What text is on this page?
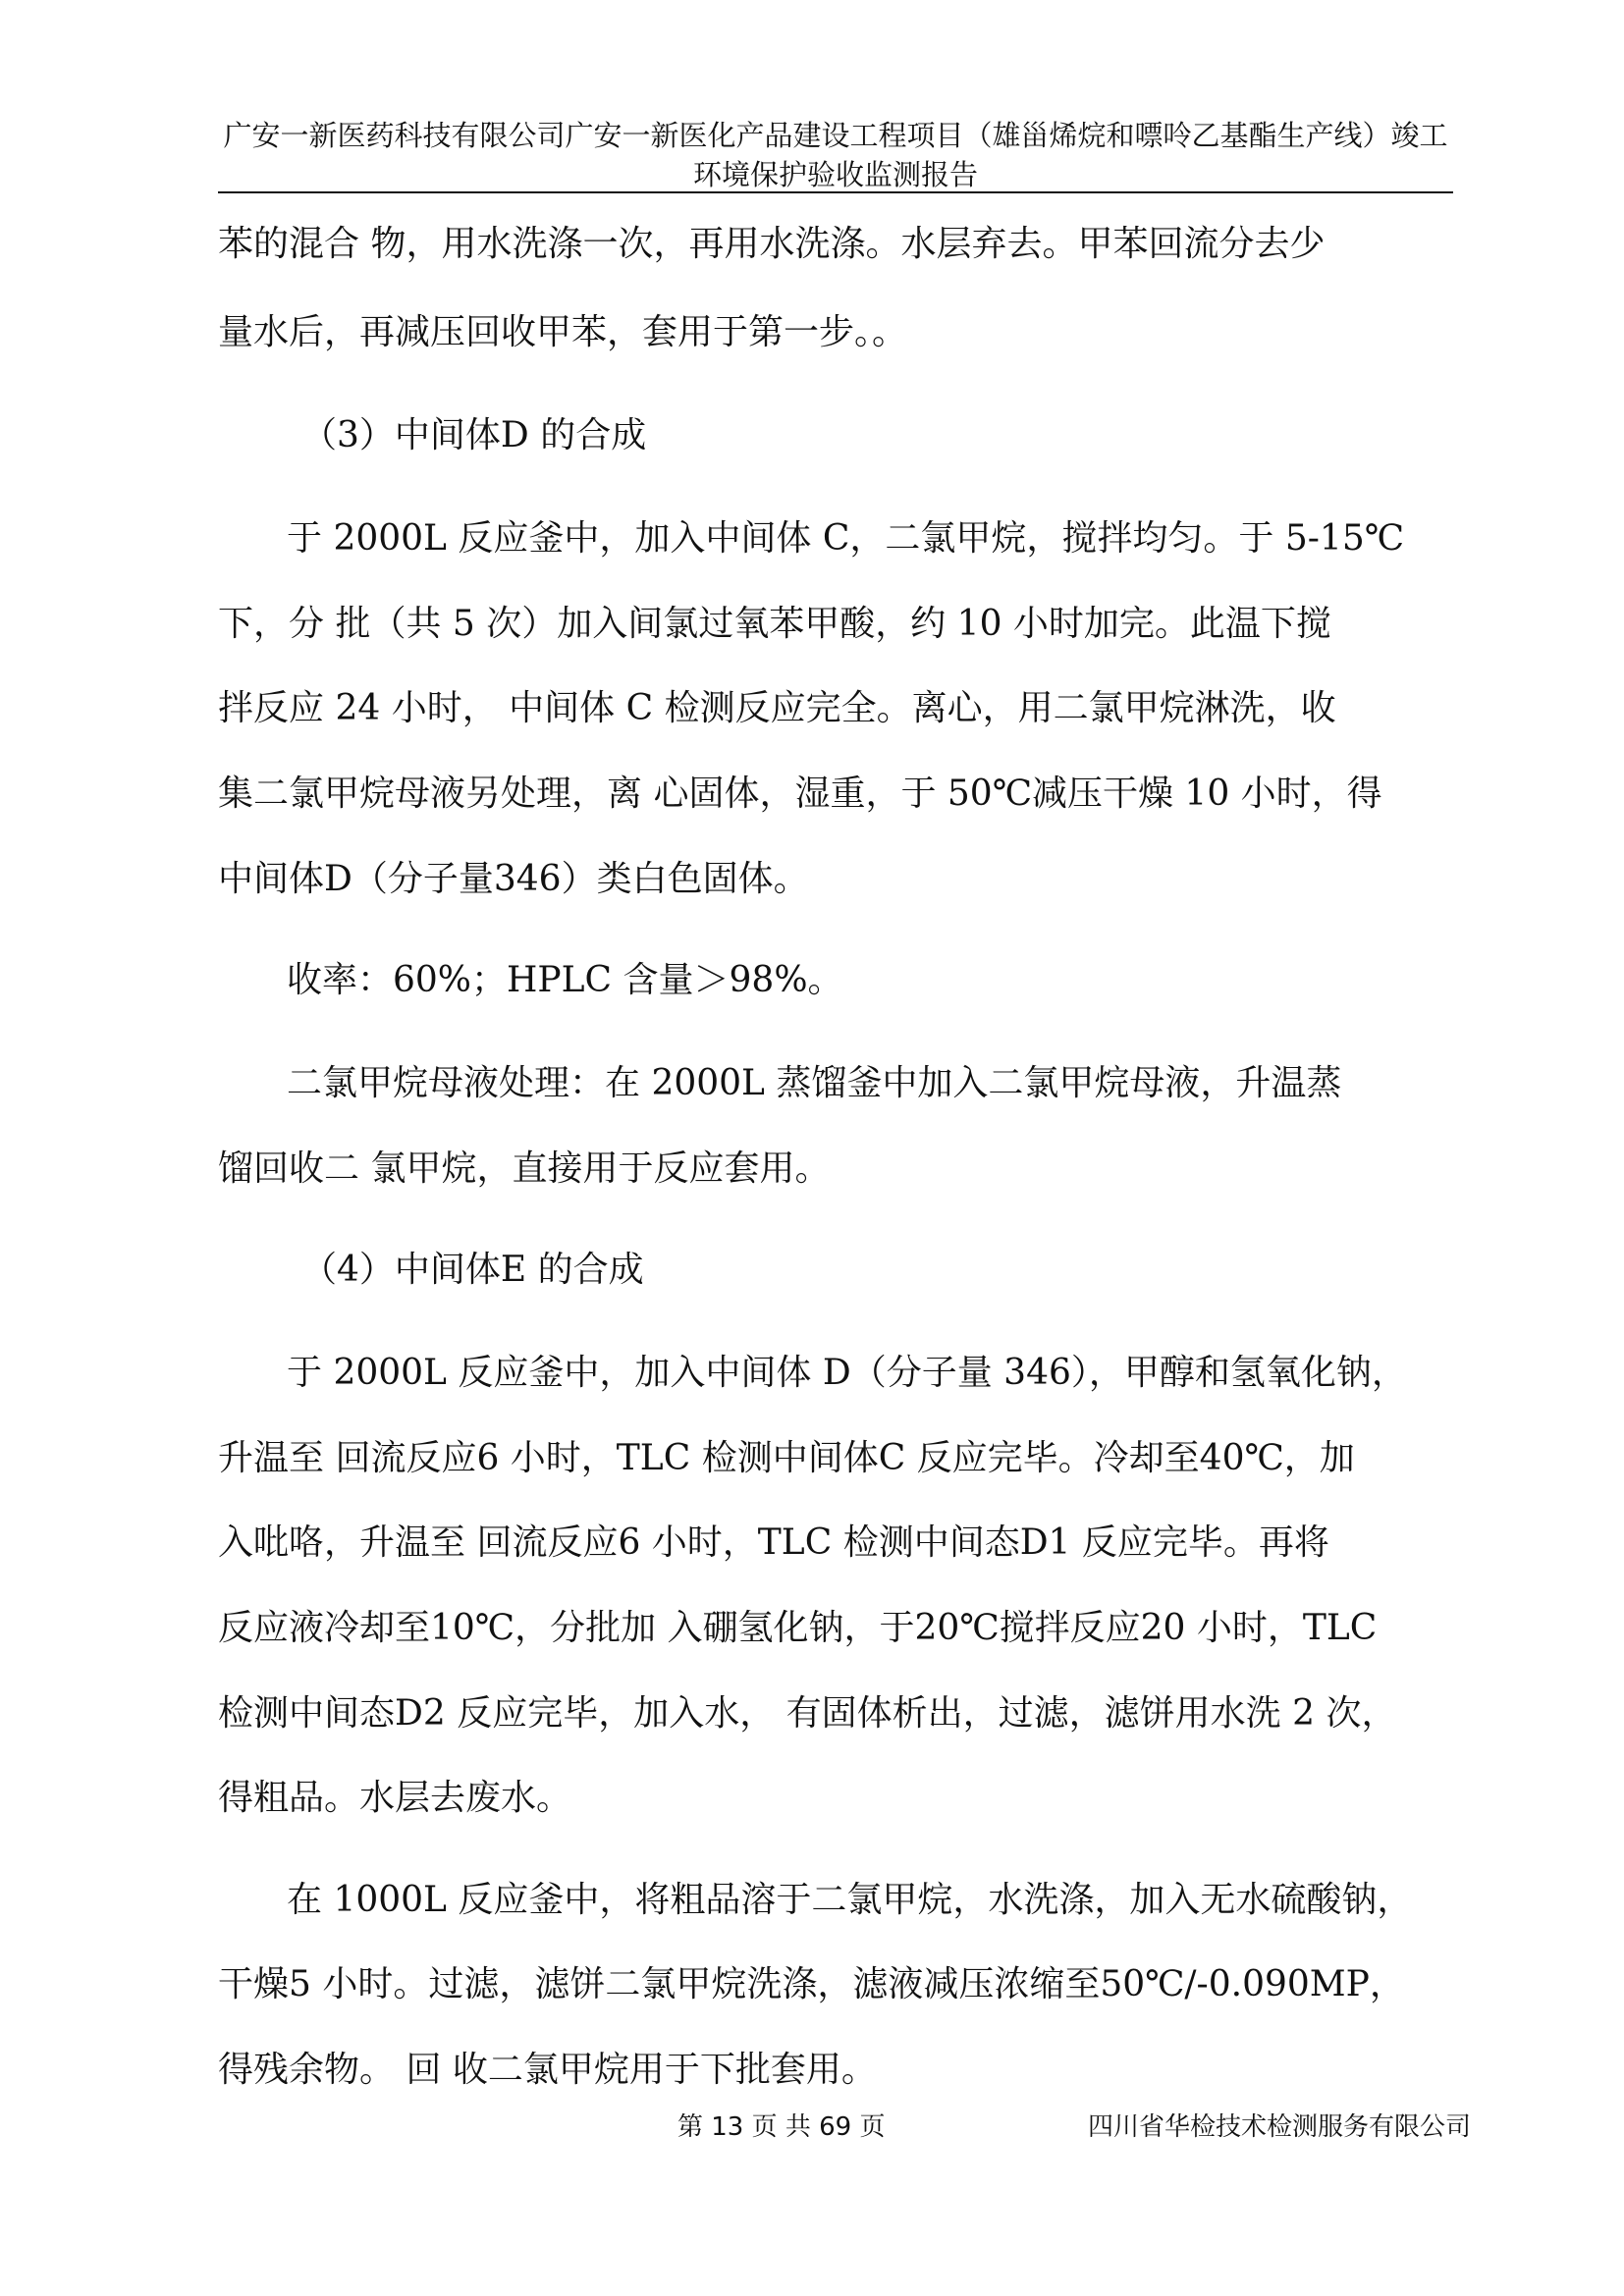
广安一新医药科技有限公司广安一新医化产品建设工程项目（雄甾烯烷和嘌呤乙基酯生产线）竣工
环境保护验收监测报告
苯的混合 物，用水洗涤一次，再用水洗涤。水层弃去。甲苯回流分去少
量水后，再减压回收甲苯，套用于第一步。。
（3）中间体D 的合成
于 2000L 反应釜中，加入中间体 C，二氯甲烷，搅拌均匀。于 5-15℃
下，分 批（共 5 次）加入间氯过氧苯甲酸，约 10 小时加完。此温下搅
拌反应 24 小时， 中间体 C 检测反应完全。离心，用二氯甲烷淋洗，收
集二氯甲烷母液另处理，离 心固体，湿重，于 50℃减压干燥 10 小时，得
中间体D（分子量346）类白色固体。
收率：60%；HPLC 含量＞98%。
二氯甲烷母液处理：在 2000L 蒸馏釜中加入二氯甲烷母液，升温蒸
馏回收二 氯甲烷，直接用于反应套用。
（4）中间体E 的合成
于 2000L 反应釜中，加入中间体 D（分子量 346），甲醇和氢氧化钠，
升温至 回流反应6 小时，TLC 检测中间体C 反应完毕。冷却至40℃，加
入吡咯，升温至 回流反应6 小时，TLC 检测中间态D1 反应完毕。再将
反应液冷却至10℃，分批加 入硼氢化钠，于20℃搅拌反应20 小时，TLC
检测中间态D2 反应完毕，加入水， 有固体析出，过滤，滤饼用水洗 2 次，
得粗品。水层去废水。
在 1000L 反应釜中，将粗品溶于二氯甲烷，水洗涤，加入无水硫酸钠，
干燥5 小时。过滤，滤饼二氯甲烷洗涤，滤液减压浓缩至50℃/-0.090MP，
得残余物。 回 收二氯甲烷用于下批套用。
第 13 页 共 69 页	四川省华检技术检测服务有限公司
